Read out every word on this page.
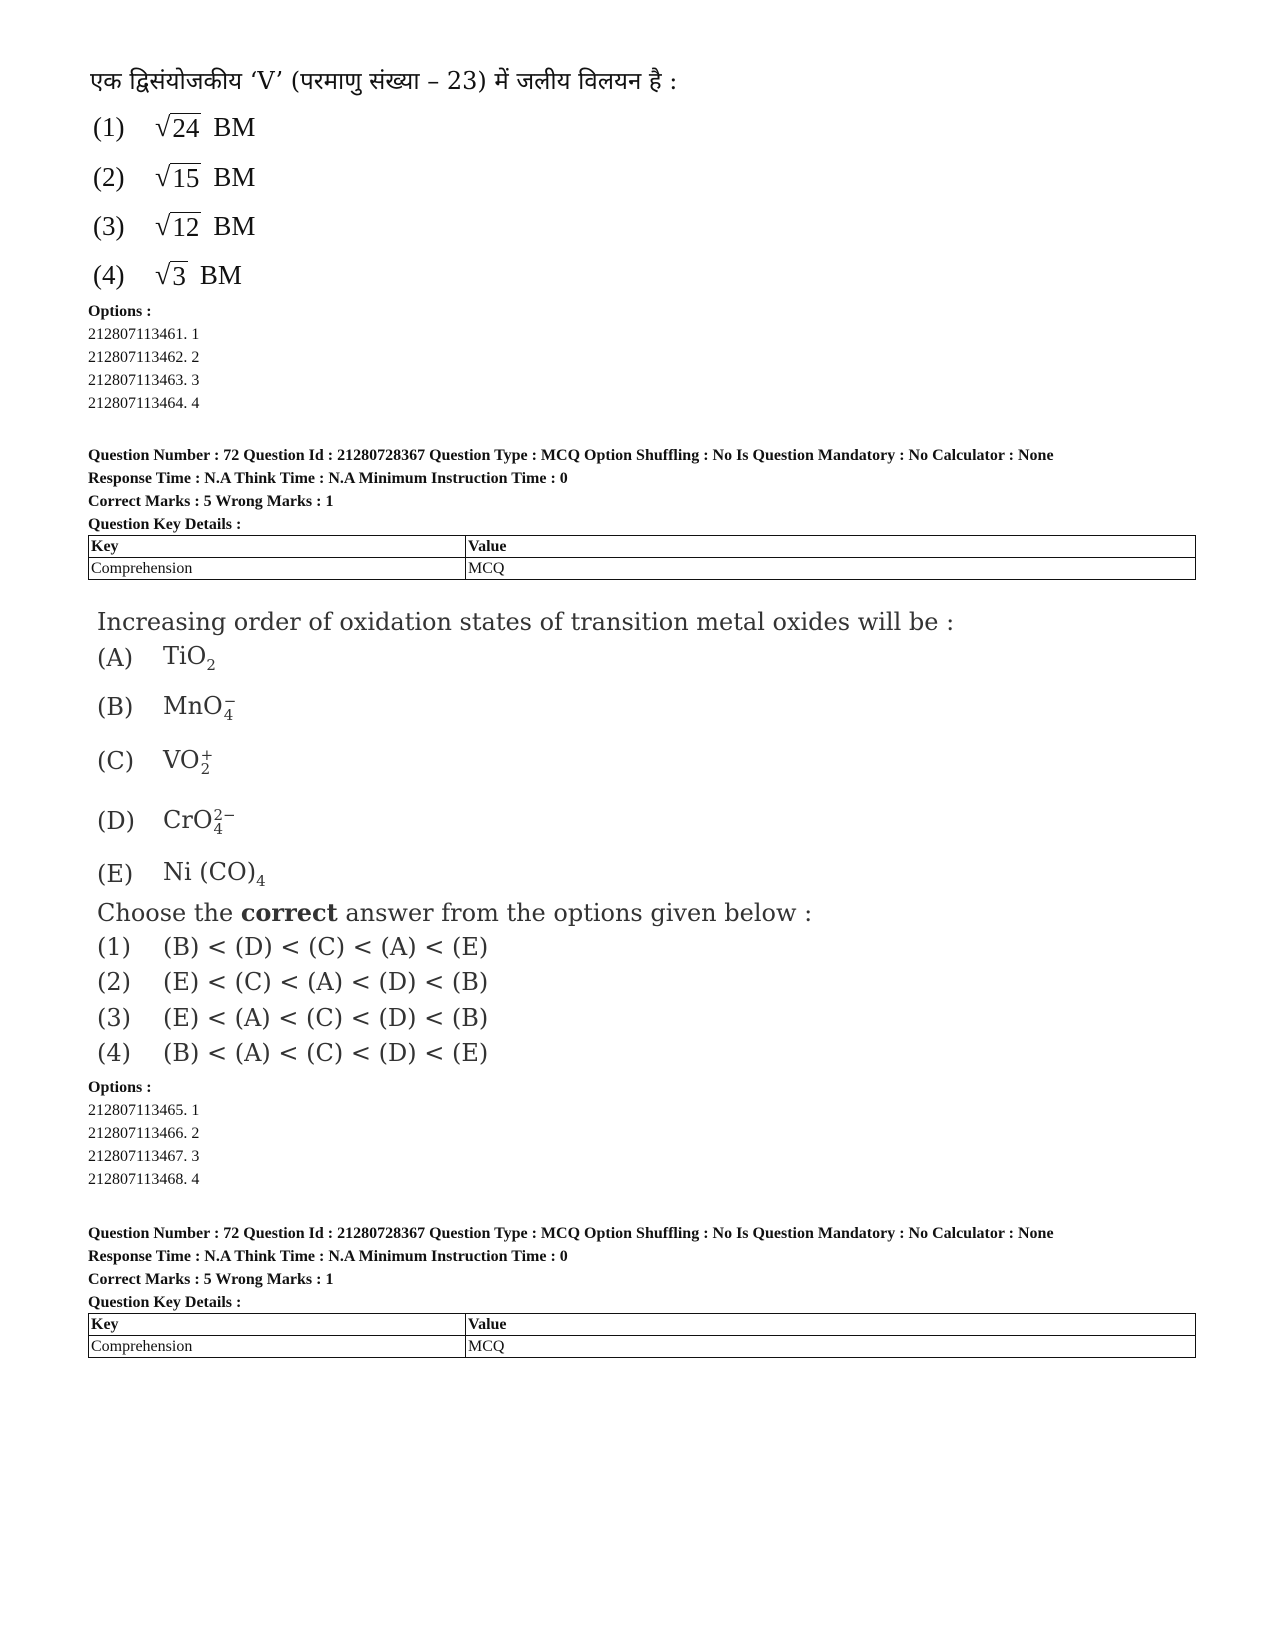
एक द्विसंयोजकीय ‘V’ (परमाणु संख्या – 23) में जलीय विलयन है :
(1)	√ 24 BM
(2)	√ 15 BM
(3)	√ 12 BM
(4)	√ 3 BM
Options :
212807113461. 1
212807113462. 2
212807113463. 3
212807113464. 4
Question Number : 72 Question Id : 21280728367 Question Type : MCQ Option Shuffling : No Is Question Mandatory : No Calculator : None
Response Time : N.A Think Time : N.A Minimum Instruction Time : 0
Correct Marks : 5 Wrong Marks : 1
Question Key Details :
Key	Value
Comprehension	MCQ
Increasing order of oxidation states of transition metal oxides will be :
(A)	TiO$_2$
(B)	MnO −
4
(C)	VO +
2
(D)	CrO 2−
4
(E)	Ni $(CO)_4$
Choose the correct answer from the options given below :
(1)	(B) < (D) < (C) < (A) < (E)
(2)	(E) < (C) < (A) < (D) < (B)
(3)	(E) < (A) < (C) < (D) < (B)
(4)	(B) < (A) < (C) < (D) < (E)
Options :
212807113465. 1
212807113466. 2
212807113467. 3
212807113468. 4
Question Number : 72 Question Id : 21280728367 Question Type : MCQ Option Shuffling : No Is Question Mandatory : No Calculator : None
Response Time : N.A Think Time : N.A Minimum Instruction Time : 0
Correct Marks : 5 Wrong Marks : 1
Question Key Details :
Key	Value
Comprehension	MCQ
